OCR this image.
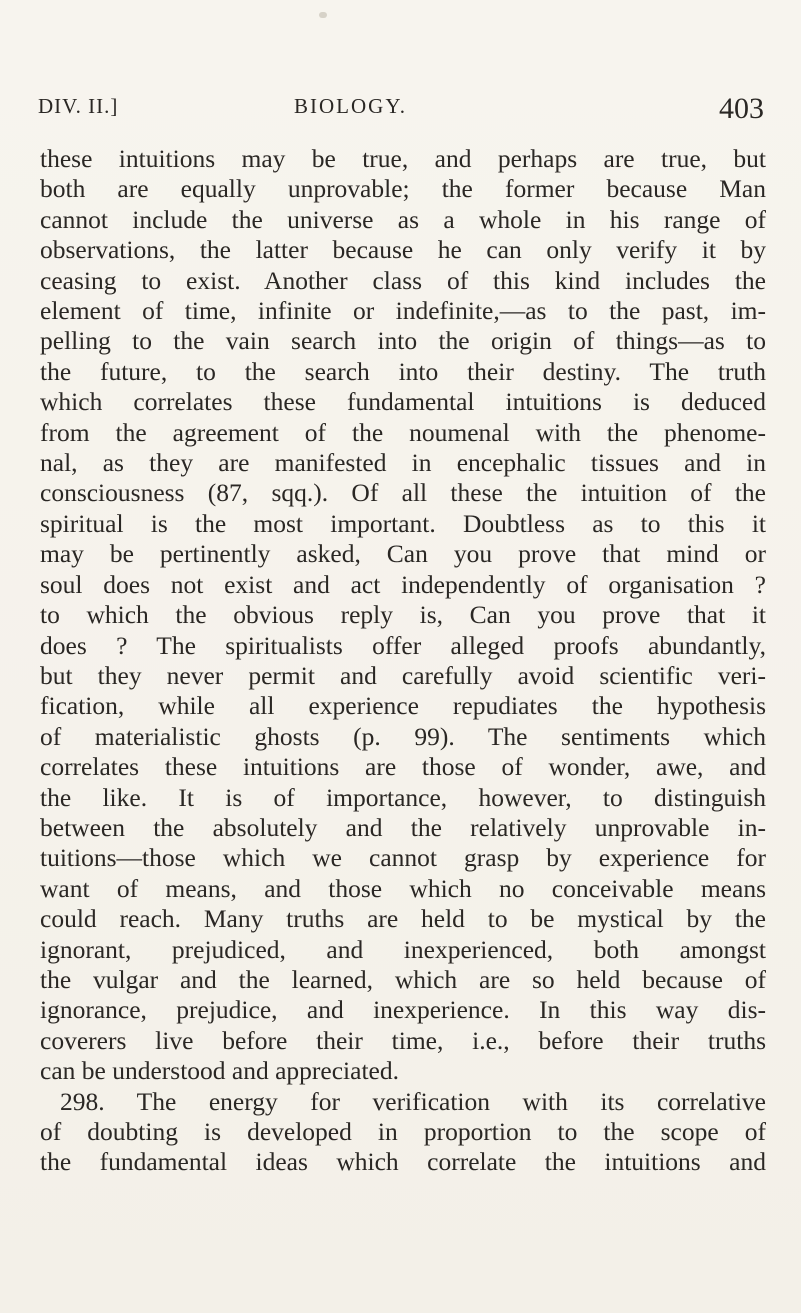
DIV. II.]	BIOLOGY.	403
these intuitions may be true, and perhaps are true, but
both are equally unprovable; the former because Man
cannot include the universe as a whole in his range of
observations, the latter because he can only verify it by
ceasing to exist. Another class of this kind includes the
element of time, infinite or indefinite,—as to the past, im-
pelling to the vain search into the origin of things—as to
the future, to the search into their destiny. The truth
which correlates these fundamental intuitions is deduced
from the agreement of the noumenal with the phenome-
nal, as they are manifested in encephalic tissues and in
consciousness (87, sqq.). Of all these the intuition of the
spiritual is the most important. Doubtless as to this it
may be pertinently asked, Can you prove that mind or
soul does not exist and act independently of organisation ?
to which the obvious reply is, Can you prove that it
does ? The spiritualists offer alleged proofs abundantly,
but they never permit and carefully avoid scientific veri-
fication, while all experience repudiates the hypothesis
of materialistic ghosts (p. 99). The sentiments which
correlates these intuitions are those of wonder, awe, and
the like. It is of importance, however, to distinguish
between the absolutely and the relatively unprovable in-
tuitions—those which we cannot grasp by experience for
want of means, and those which no conceivable means
could reach. Many truths are held to be mystical by the
ignorant, prejudiced, and inexperienced, both amongst
the vulgar and the learned, which are so held because of
ignorance, prejudice, and inexperience. In this way dis-
coverers live before their time, i.e., before their truths
can be understood and appreciated.
298. The energy for verification with its correlative
of doubting is developed in proportion to the scope of
the fundamental ideas which correlate the intuitions and
